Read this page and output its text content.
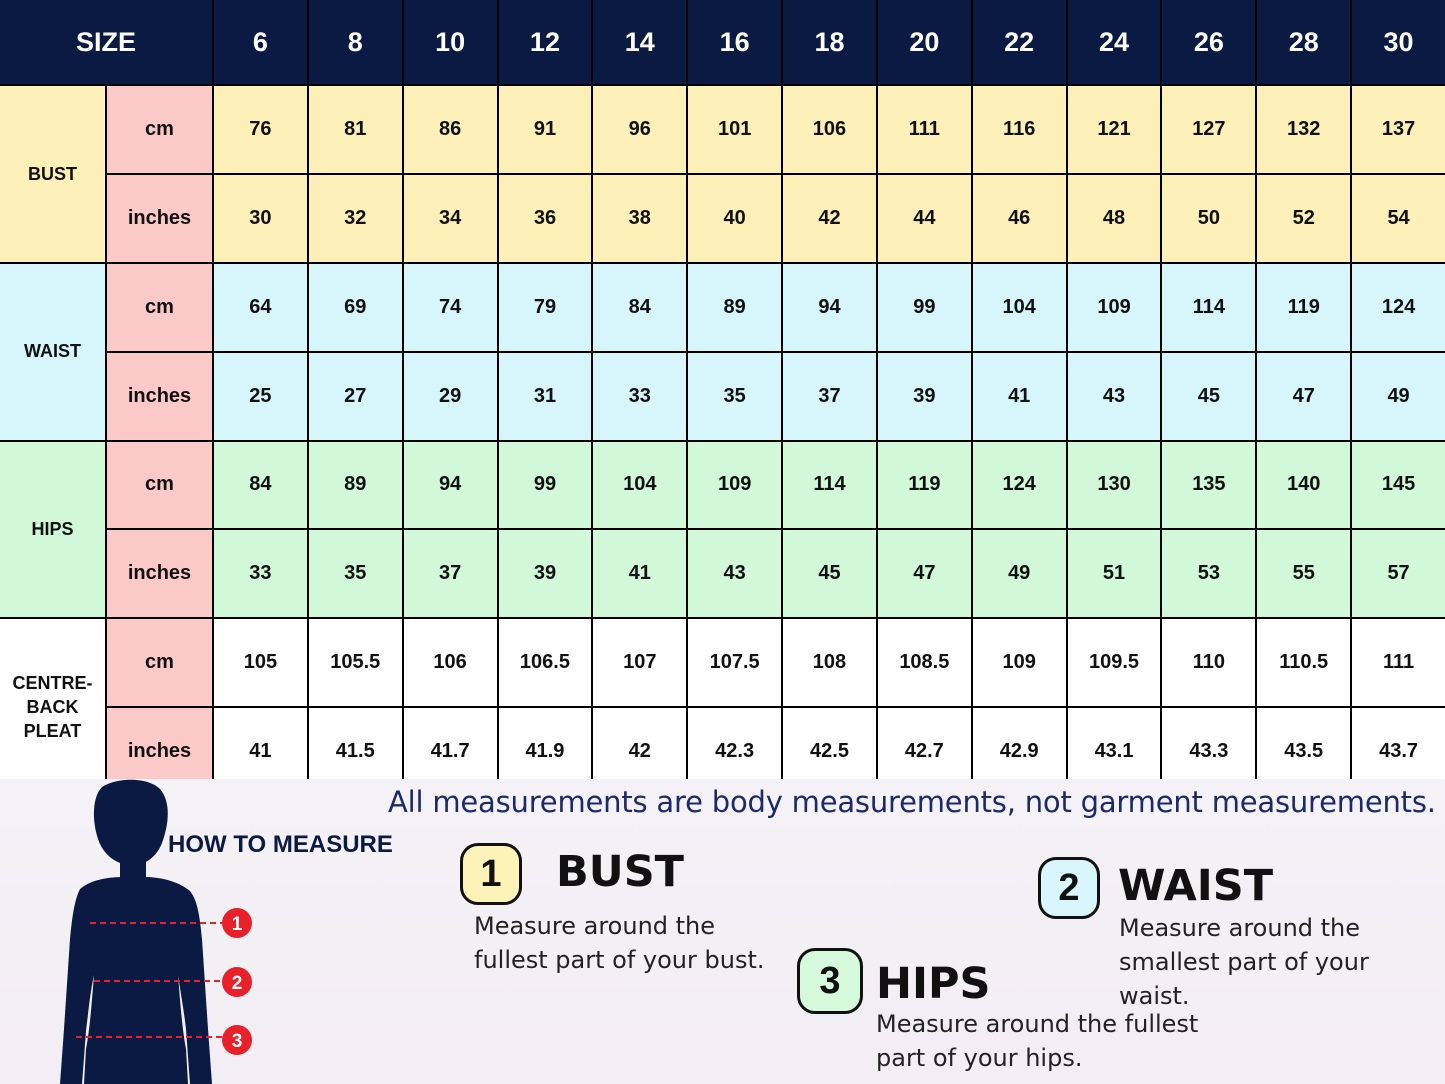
SIZE	6	8	10	12	14	16	18	20	22	24	26	28	30
BUST
cm	76	81	86	91	96	101	106	111	116	121	127	132	137
inches	30	32	34	36	38	40	42	44	46	48	50	52	54
WAIST
cm	64	69	74	79	84	89	94	99	104	109	114	119	124
inches	25	27	29	31	33	35	37	39	41	43	45	47	49
HIPS
cm	84	89	94	99	104	109	114	119	124	130	135	140	145
inches	33	35	37	39	41	43	45	47	49	51	53	55	57
CENTRE-
BACK
PLEAT
cm	105	105.5	106	106.5	107	107.5	108	108.5	109	109.5	110	110.5	111
inches	41	41.5	41.7	41.9	42	42.3	42.5	42.7	42.9	43.1	43.3	43.5	43.7
All measurements are body measurements, not garment measurements.
1
2
3
HOW TO MEASURE
1	BUST
Measure around the
fullest part of your bust.
2 WAIST
Measure around the
smallest part of your waist.
3 HIPS
Measure around the fullest
part of your hips.
